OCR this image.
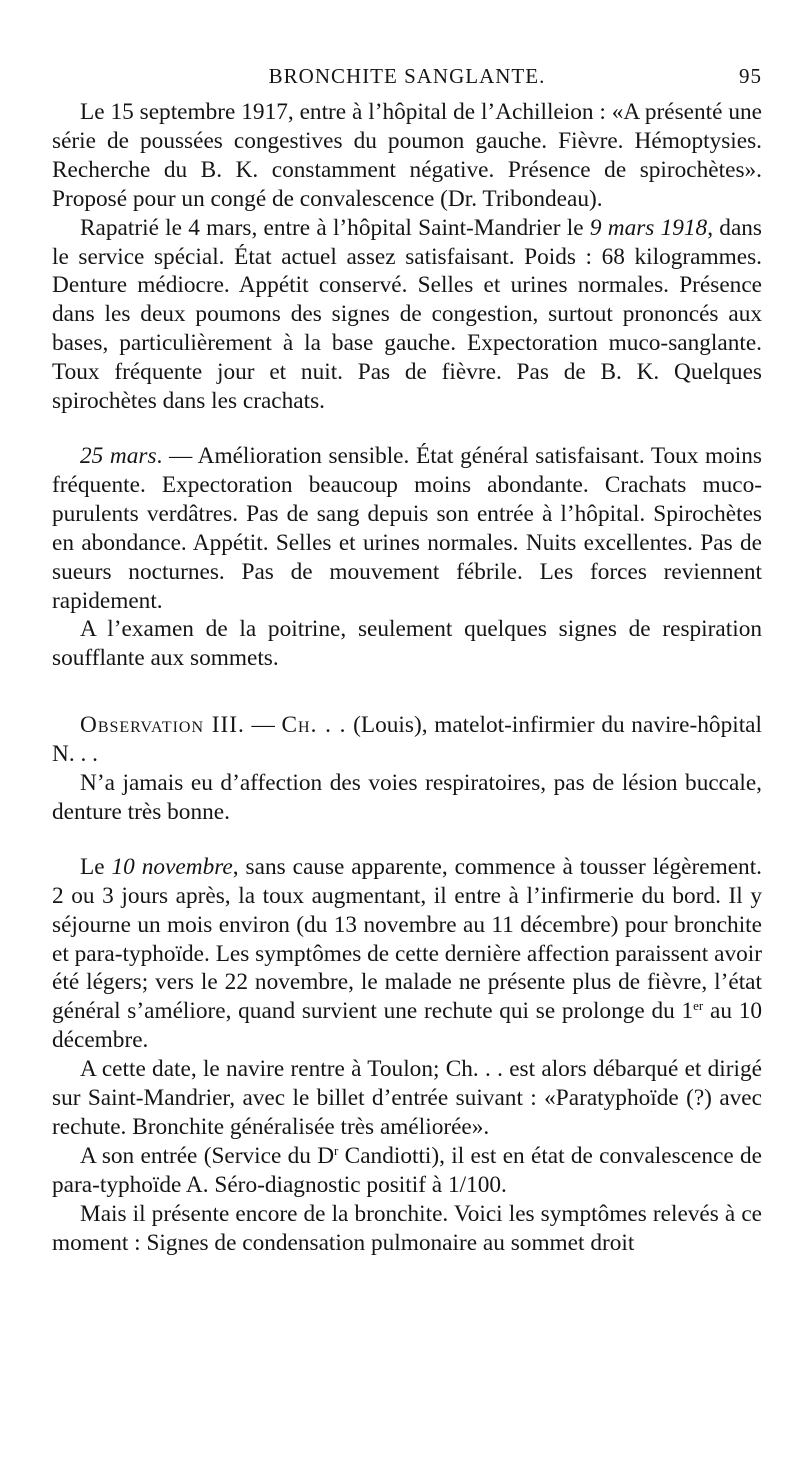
BRONCHITE SANGLANTE.	95

Le 15 septembre 1917, entre à l’hôpital de l’Achilleion : «A présenté une série de poussées congestives du poumon gauche. Fièvre. Hémoptysies. Recherche du B. K. constamment négative. Présence de spirochètes». Proposé pour un congé de convalescence (Dr. Tribondeau).

Rapatrié le 4 mars, entre à l’hôpital Saint-Mandrier le 9 mars 1918, dans le service spécial. État actuel assez satisfaisant. Poids : 68 kilogrammes. Denture médiocre. Appétit conservé. Selles et urines normales. Présence dans les deux poumons des signes de congestion, surtout prononcés aux bases, particulièrement à la base gauche. Expectoration muco-sanglante. Toux fréquente jour et nuit. Pas de fièvre. Pas de B. K. Quelques spirochètes dans les crachats.

25 mars. — Amélioration sensible. État général satisfaisant. Toux moins fréquente. Expectoration beaucoup moins abondante. Crachats muco-purulents verdâtres. Pas de sang depuis son entrée à l’hôpital. Spirochètes en abondance. Appétit. Selles et urines normales. Nuits excellentes. Pas de sueurs nocturnes. Pas de mouvement fébrile. Les forces reviennent rapidement.

A l’examen de la poitrine, seulement quelques signes de respiration soufflante aux sommets.

Observation III. — Ch. . . (Louis), matelot-infirmier du navire-hôpital N. . .

N’a jamais eu d’affection des voies respiratoires, pas de lésion buccale, denture très bonne.

Le 10 novembre, sans cause apparente, commence à tousser légèrement. 2 ou 3 jours après, la toux augmentant, il entre à l’infirmerie du bord. Il y séjourne un mois environ (du 13 novembre au 11 décembre) pour bronchite et para-typhoïde. Les symptômes de cette dernière affection paraissent avoir été légers; vers le 22 novembre, le malade ne présente plus de fièvre, l’état général s’améliore, quand survient une rechute qui se prolonge du 1er au 10 décembre.

A cette date, le navire rentre à Toulon; Ch. . . est alors débarqué et dirigé sur Saint-Mandrier, avec le billet d’entrée suivant : «Paratyphoïde (?) avec rechute. Bronchite généralisée très améliorée».

A son entrée (Service du $D^r$ Candiotti), il est en état de convalescence de para-typhoïde A. Séro-diagnostic positif à 1/100.

Mais il présente encore de la bronchite. Voici les symptômes relevés à ce moment : Signes de condensation pulmonaire au sommet droit
